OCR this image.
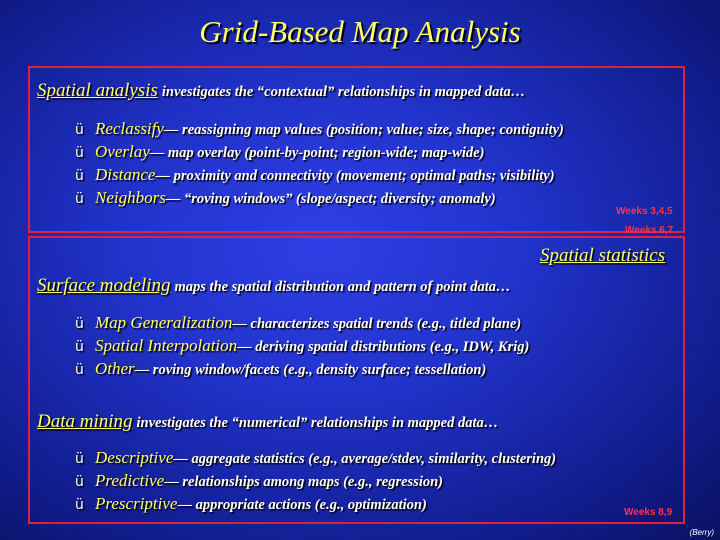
Grid-Based Map Analysis
Spatial analysis investigates the “contextual” relationships in mapped data…
ü Reclassify— reassigning map values (position; value; size, shape; contiguity)
ü Overlay— map overlay (point-by-point; region-wide; map-wide)
ü Distance— proximity and connectivity (movement; optimal paths; visibility)
ü Neighbors— “roving windows” (slope/aspect; diversity; anomaly)
Weeks 3,4,5
Weeks 6,7
Spatial statistics
Surface modeling maps the spatial distribution and pattern of point data…
ü Map Generalization— characterizes spatial trends (e.g., titled plane)
ü Spatial Interpolation— deriving spatial distributions (e.g., IDW, Krig)
ü Other— roving window/facets (e.g., density surface; tessellation)
Data mining investigates the “numerical” relationships in mapped data…
ü Descriptive— aggregate statistics (e.g., average/stdev, similarity, clustering)
ü Predictive— relationships among maps (e.g., regression)
ü Prescriptive— appropriate actions (e.g., optimization)	Weeks 8,9
(Berry)
